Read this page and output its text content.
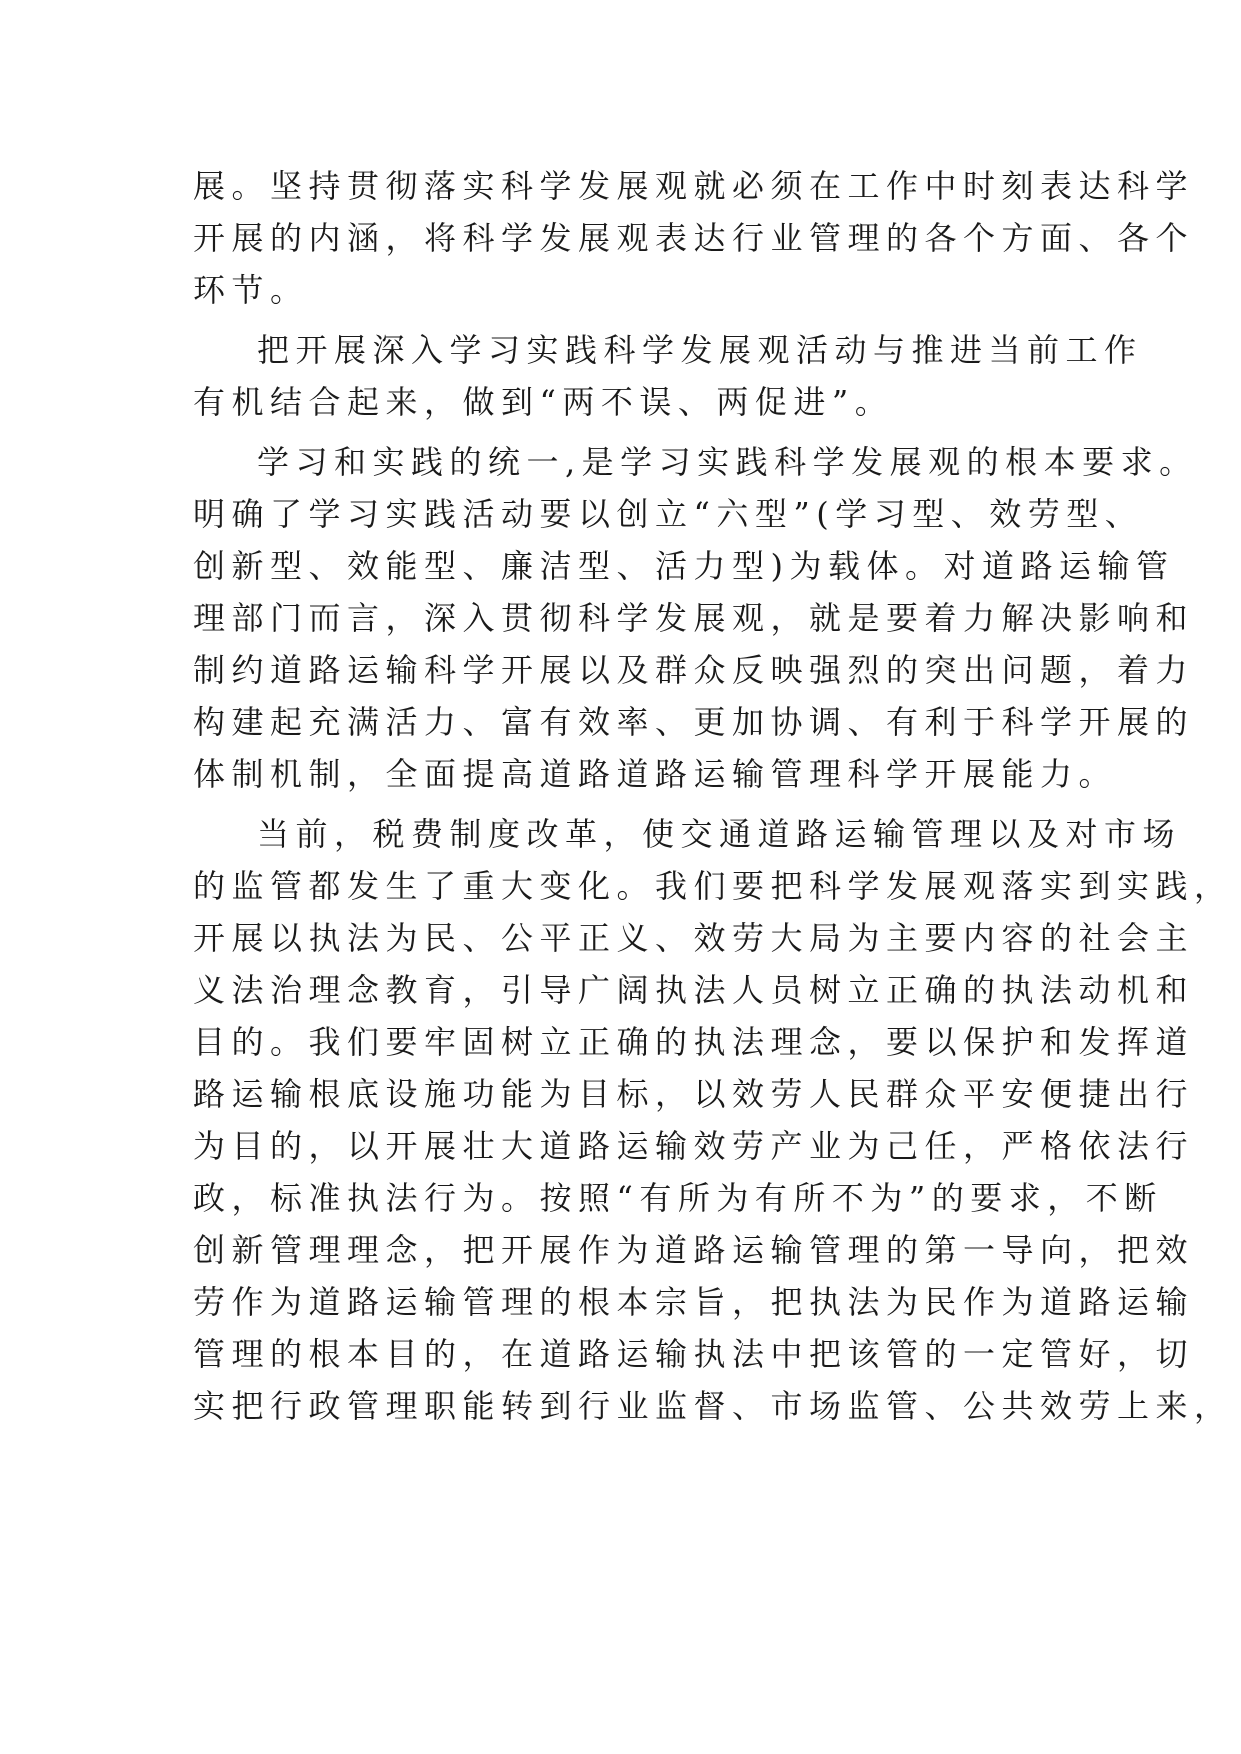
展。坚持贯彻落实科学发展观就必须在工作中时刻表达科学
开展的内涵，将科学发展观表达行业管理的各个方面、各个
环节。
把开展深入学习实践科学发展观活动与推进当前工作
有机结合起来，做到“两不误、两促进”。
学习和实践的统一,是学习实践科学发展观的根本要求。
明确了学习实践活动要以创立“六型”(学习型、效劳型、
创新型、效能型、廉洁型、活力型)为载体。对道路运输管
理部门而言，深入贯彻科学发展观，就是要着力解决影响和
制约道路运输科学开展以及群众反映强烈的突出问题，着力
构建起充满活力、富有效率、更加协调、有利于科学开展的
体制机制，全面提高道路道路运输管理科学开展能力。
当前，税费制度改革，使交通道路运输管理以及对市场
的监管都发生了重大变化。我们要把科学发展观落实到实践，
开展以执法为民、公平正义、效劳大局为主要内容的社会主
义法治理念教育，引导广阔执法人员树立正确的执法动机和
目的。我们要牢固树立正确的执法理念，要以保护和发挥道
路运输根底设施功能为目标，以效劳人民群众平安便捷出行
为目的，以开展壮大道路运输效劳产业为己任，严格依法行
政，标准执法行为。按照“有所为有所不为”的要求，不断
创新管理理念，把开展作为道路运输管理的第一导向，把效
劳作为道路运输管理的根本宗旨，把执法为民作为道路运输
管理的根本目的，在道路运输执法中把该管的一定管好，切
实把行政管理职能转到行业监督、市场监管、公共效劳上来，
